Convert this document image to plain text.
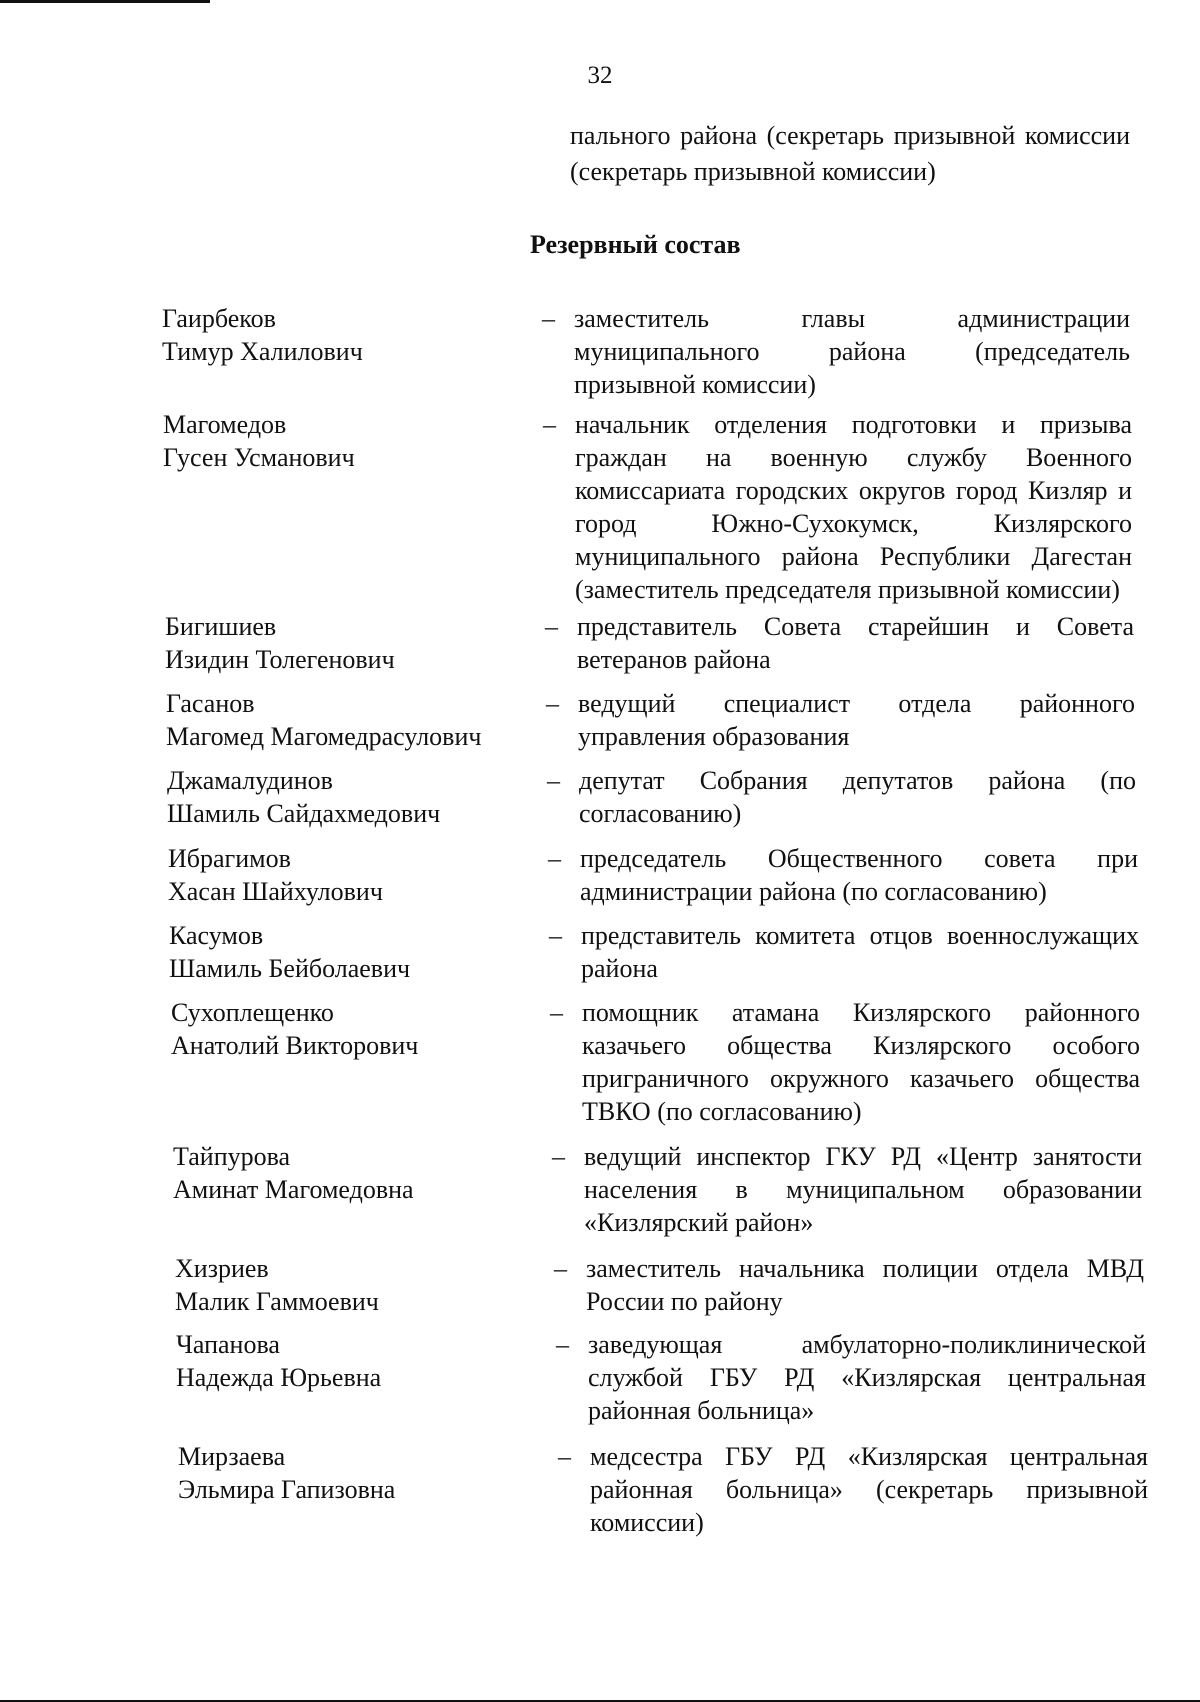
32
пального района (секретарь призывной комиссии (секретарь призывной комиссии)
Резервный состав
Гаирбеков
Тимур Халилович
– заместитель главы администрации муниципального района (председатель призывной комиссии)
Магомедов
Гусен Усманович
– начальник отделения подготовки и призыва граждан на военную службу Военного комиссариата городских округов город Кизляр и город Южно-Сухокумск, Кизлярского муниципального района Республики Дагестан (заместитель председателя призывной комиссии)
Бигишиев
Изидин Толегенович
– представитель Совета старейшин и Совета ветеранов района
Гасанов
Магомед Магомедрасулович
– ведущий специалист отдела районного управления образования
Джамалудинов
Шамиль Сайдахмедович
– депутат Собрания депутатов района (по согласованию)
Ибрагимов
Хасан Шайхулович
– председатель Общественного совета при администрации района (по согласованию)
Касумов
Шамиль Бейболаевич
– представитель комитета отцов военнослужащих района
Сухоплещенко
Анатолий Викторович
– помощник атамана Кизлярского районного казачьего общества Кизлярского особого приграничного окружного казачьего общества ТВКО (по согласованию)
Тайпурова
Аминат Магомедовна
– ведущий инспектор ГКУ РД «Центр занятости населения в муниципальном образовании «Кизлярский район»
Хизриев
Малик Гаммоевич
– заместитель начальника полиции отдела МВД России по району
Чапанова
Надежда Юрьевна
– заведующая амбулаторно-поликлинической службой ГБУ РД «Кизлярская центральная районная больница»
Мирзаева
Эльмира Гапизовна
– медсестра ГБУ РД «Кизлярская центральная районная больница» (секретарь призывной комиссии)
